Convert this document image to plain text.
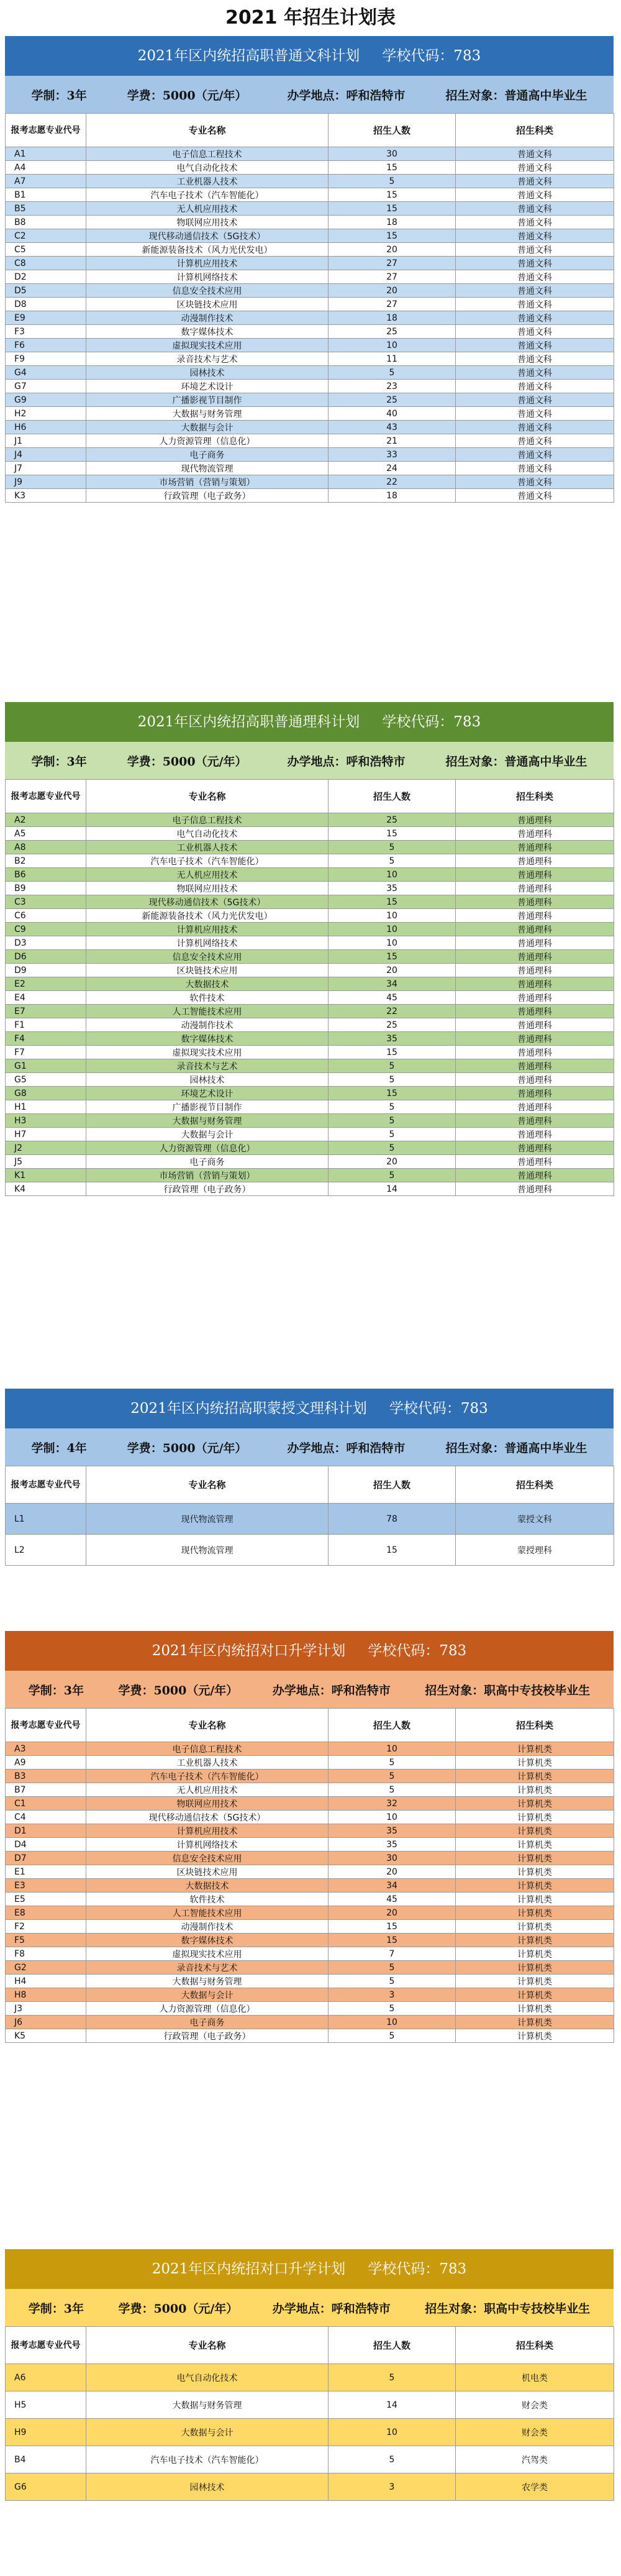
2021 年招生计划表
2021年区内统招高职普通文科计划 学校代码：783
学制：3年	学费：5000（元/年）	办学地点：呼和浩特市	招生对象：普通高中毕业生
报考志愿专业代号	专业名称	招生人数	招生科类
A1	电子信息工程技术	30	普通文科
A4	电气自动化技术	15	普通文科
A7	工业机器人技术	5	普通文科
B1	汽车电子技术（汽车智能化）	15	普通文科
B5	无人机应用技术	15	普通文科
B8	物联网应用技术	18	普通文科
C2	现代移动通信技术（5G技术）	15	普通文科
C5	新能源装备技术（风力光伏发电）	20	普通文科
C8	计算机应用技术	27	普通文科
D2	计算机网络技术	27	普通文科
D5	信息安全技术应用	20	普通文科
D8	区块链技术应用	27	普通文科
E9	动漫制作技术	18	普通文科
F3	数字媒体技术	25	普通文科
F6	虚拟现实技术应用	10	普通文科
F9	录音技术与艺术	11	普通文科
G4	园林技术	5	普通文科
G7	环境艺术设计	23	普通文科
G9	广播影视节目制作	25	普通文科
H2	大数据与财务管理	40	普通文科
H6	大数据与会计	43	普通文科
J1	人力资源管理（信息化）	21	普通文科
J4	电子商务	33	普通文科
J7	现代物流管理	24	普通文科
J9	市场营销（营销与策划）	22	普通文科
K3	行政管理（电子政务）	18	普通文科
2021年区内统招高职普通理科计划 学校代码：783
学制：3年	学费：5000（元/年）	办学地点：呼和浩特市	招生对象：普通高中毕业生
报考志愿专业代号	专业名称	招生人数	招生科类
A2	电子信息工程技术	25	普通理科
A5	电气自动化技术	15	普通理科
A8	工业机器人技术	5	普通理科
B2	汽车电子技术（汽车智能化）	5	普通理科
B6	无人机应用技术	10	普通理科
B9	物联网应用技术	35	普通理科
C3	现代移动通信技术（5G技术）	15	普通理科
C6	新能源装备技术（风力光伏发电）	10	普通理科
C9	计算机应用技术	10	普通理科
D3	计算机网络技术	10	普通理科
D6	信息安全技术应用	15	普通理科
D9	区块链技术应用	20	普通理科
E2	大数据技术	34	普通理科
E4	软件技术	45	普通理科
E7	人工智能技术应用	22	普通理科
F1	动漫制作技术	25	普通理科
F4	数字媒体技术	35	普通理科
F7	虚拟现实技术应用	15	普通理科
G1	录音技术与艺术	5	普通理科
G5	园林技术	5	普通理科
G8	环境艺术设计	15	普通理科
H1	广播影视节目制作	5	普通理科
H3	大数据与财务管理	5	普通理科
H7	大数据与会计	5	普通理科
J2	人力资源管理（信息化）	5	普通理科
J5	电子商务	20	普通理科
K1	市场营销（营销与策划）	5	普通理科
K4	行政管理（电子政务）	14	普通理科
2021年区内统招高职蒙授文理科计划 学校代码：783
学制：4年	学费：5000（元/年）	办学地点：呼和浩特市	招生对象：普通高中毕业生
报考志愿专业代号	专业名称	招生人数	招生科类
L1	现代物流管理	78	蒙授文科
L2	现代物流管理	15	蒙授理科
2021年区内统招对口升学计划 学校代码：783
学制：3年	学费：5000（元/年）	办学地点：呼和浩特市	招生对象：职高中专技校毕业生
报考志愿专业代号	专业名称	招生人数	招生科类
A3	电子信息工程技术	10	计算机类
A9	工业机器人技术	5	计算机类
B3	汽车电子技术（汽车智能化）	5	计算机类
B7	无人机应用技术	5	计算机类
C1	物联网应用技术	32	计算机类
C4	现代移动通信技术（5G技术）	10	计算机类
D1	计算机应用技术	35	计算机类
D4	计算机网络技术	35	计算机类
D7	信息安全技术应用	30	计算机类
E1	区块链技术应用	20	计算机类
E3	大数据技术	34	计算机类
E5	软件技术	45	计算机类
E8	人工智能技术应用	20	计算机类
F2	动漫制作技术	15	计算机类
F5	数字媒体技术	15	计算机类
F8	虚拟现实技术应用	7	计算机类
G2	录音技术与艺术	5	计算机类
H4	大数据与财务管理	5	计算机类
H8	大数据与会计	3	计算机类
J3	人力资源管理（信息化）	5	计算机类
J6	电子商务	10	计算机类
K5	行政管理（电子政务）	5	计算机类
2021年区内统招对口升学计划 学校代码：783
学制：3年	学费：5000（元/年）	办学地点：呼和浩特市	招生对象：职高中专技校毕业生
报考志愿专业代号	专业名称	招生人数	招生科类
A6	电气自动化技术	5	机电类
H5	大数据与财务管理	14	财会类
H9	大数据与会计	10	财会类
B4	汽车电子技术（汽车智能化）	5	汽驾类
G6	园林技术	3	农学类
